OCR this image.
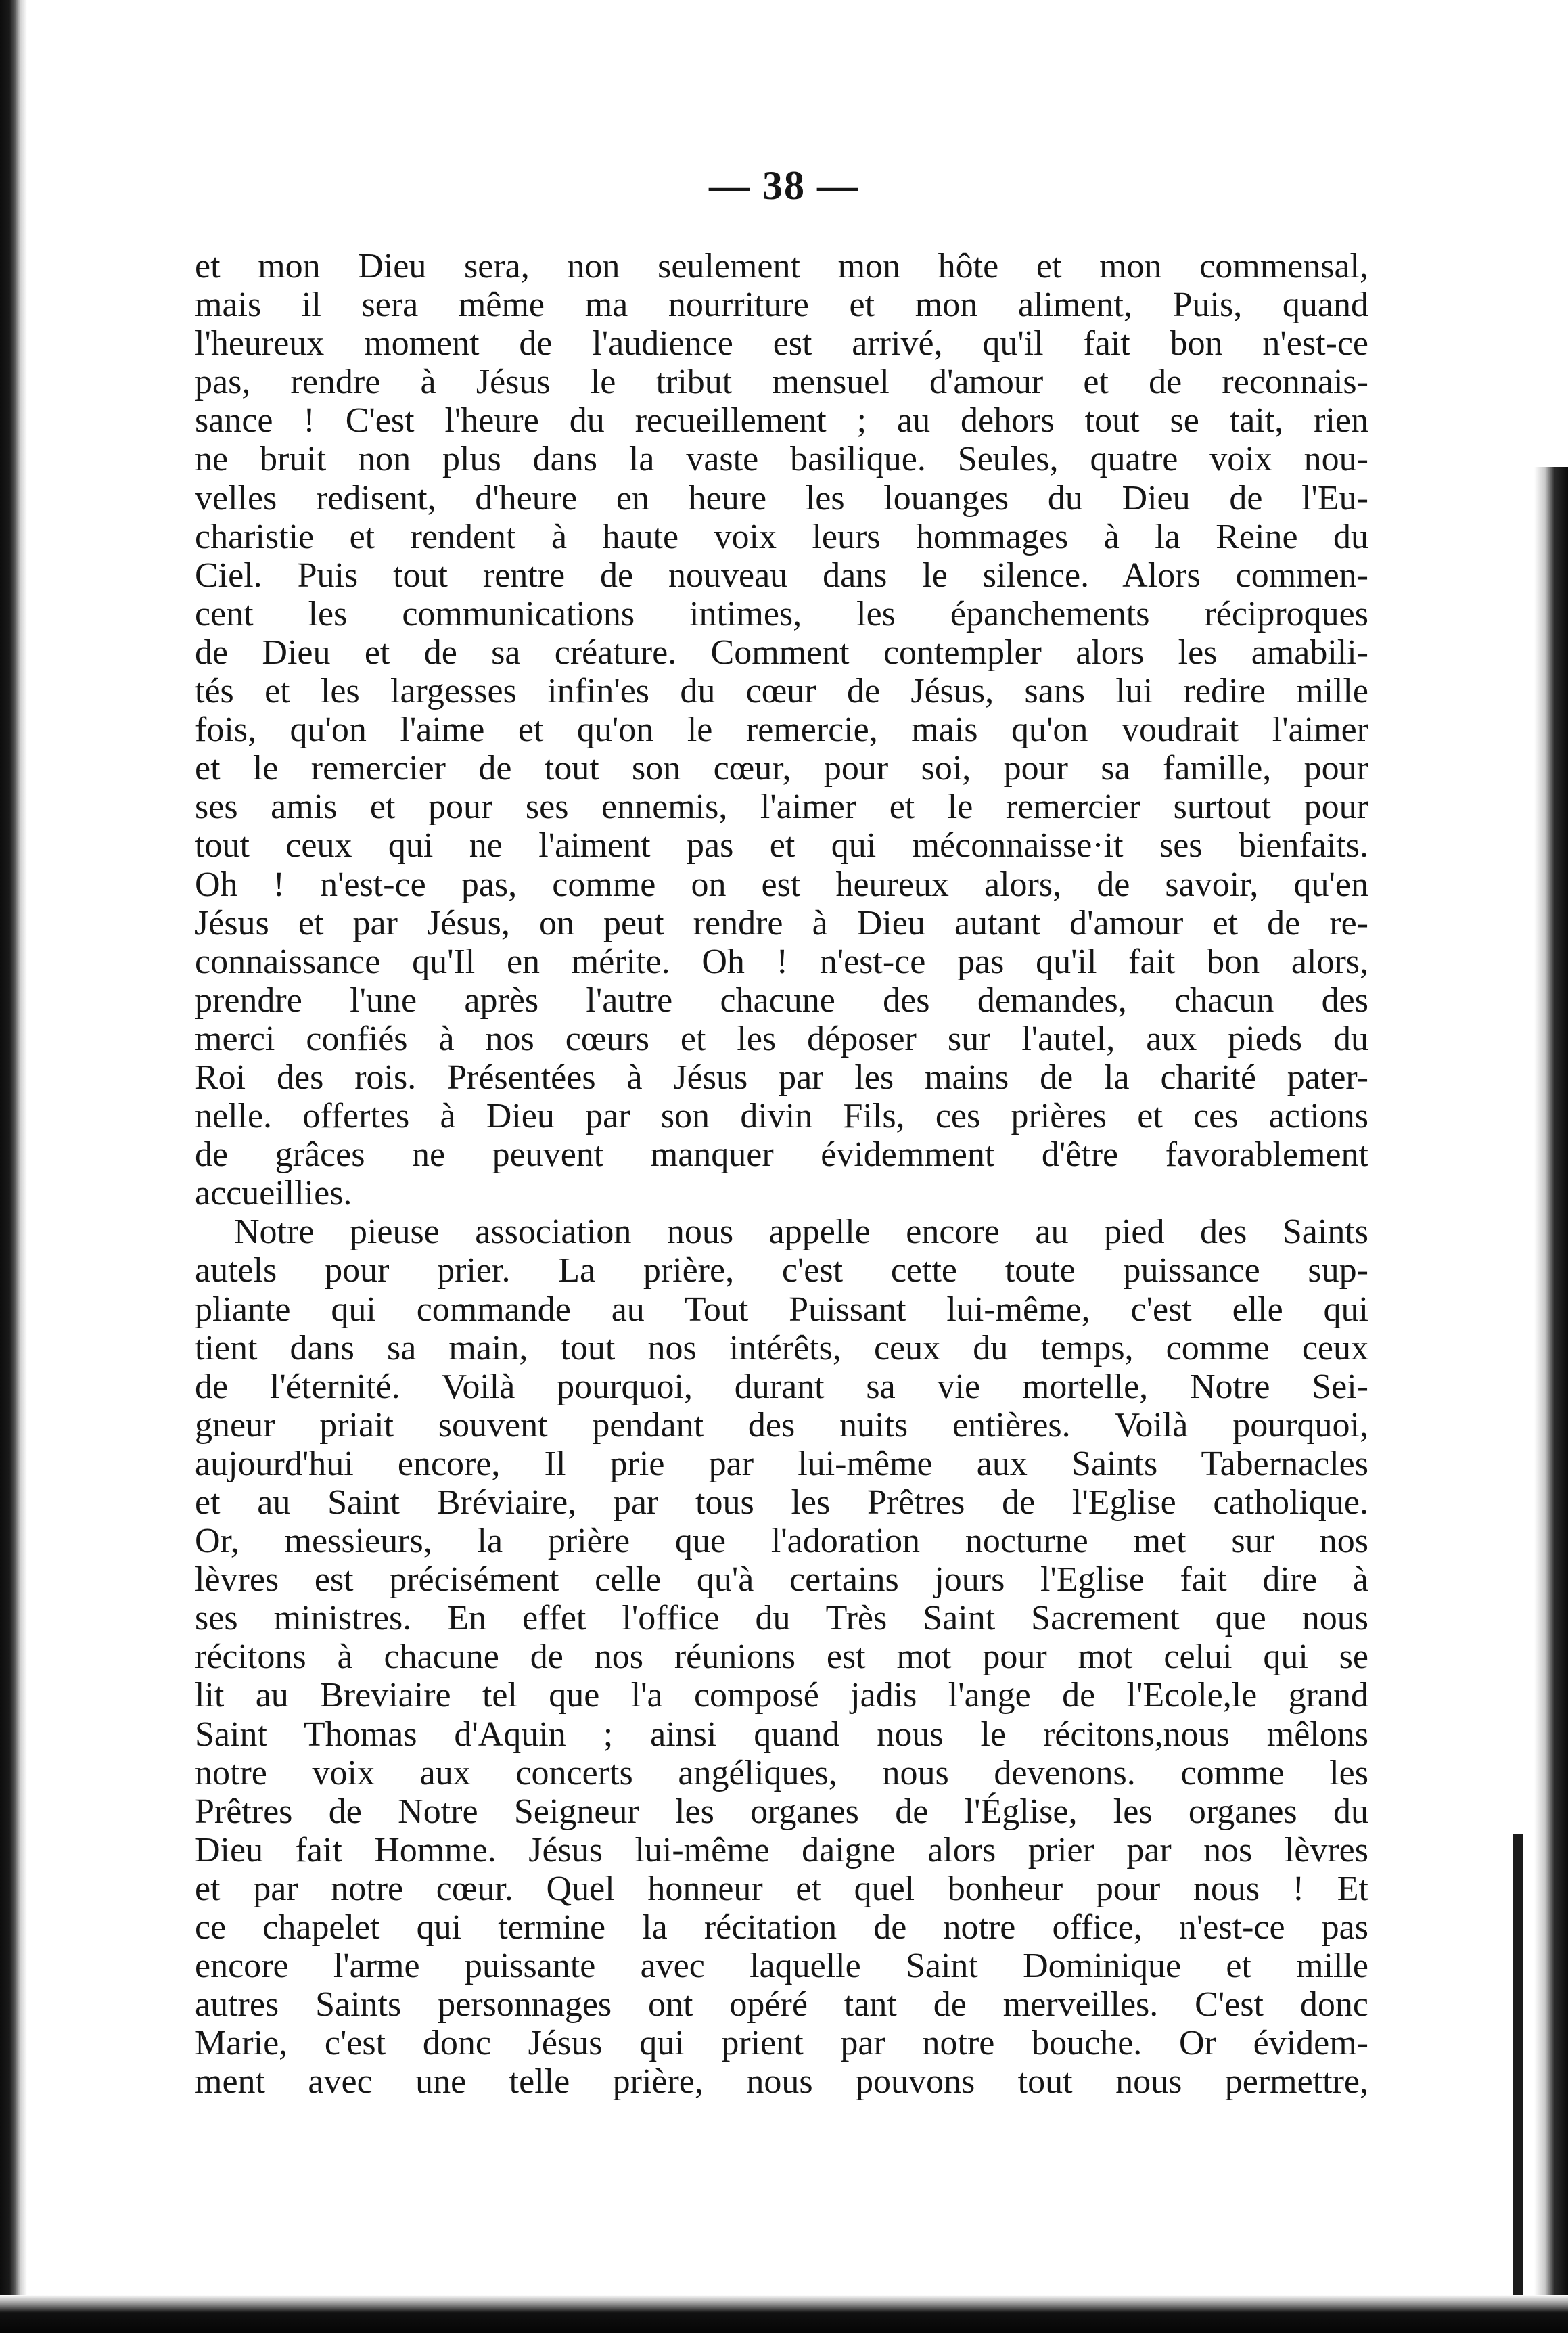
— 38 —
et mon Dieu sera, non seulement mon hôte et mon commensal,
mais il sera même ma nourriture et mon aliment, Puis, quand
l'heureux moment de l'audience est arrivé, qu'il fait bon n'est-ce
pas, rendre à Jésus le tribut mensuel d'amour et de reconnais-
sance ! C'est l'heure du recueillement ; au dehors tout se tait, rien
ne bruit non plus dans la vaste basilique. Seules, quatre voix nou-
velles redisent, d'heure en heure les louanges du Dieu de l'Eu-
charistie et rendent à haute voix leurs hommages à la Reine du
Ciel. Puis tout rentre de nouveau dans le silence. Alors commen-
cent les communications intimes, les épanchements réciproques
de Dieu et de sa créature. Comment contempler alors les amabili-
tés et les largesses infin'es du cœur de Jésus, sans lui redire mille
fois, qu'on l'aime et qu'on le remercie, mais qu'on voudrait l'aimer
et le remercier de tout son cœur, pour soi, pour sa famille, pour
ses amis et pour ses ennemis, l'aimer et le remercier surtout pour
tout ceux qui ne l'aiment pas et qui méconnaisse·it ses bienfaits.
Oh ! n'est-ce pas, comme on est heureux alors, de savoir, qu'en
Jésus et par Jésus, on peut rendre à Dieu autant d'amour et de re-
connaissance qu'Il en mérite. Oh ! n'est-ce pas qu'il fait bon alors,
prendre l'une après l'autre chacune des demandes, chacun des
merci confiés à nos cœurs et les déposer sur l'autel, aux pieds du
Roi des rois. Présentées à Jésus par les mains de la charité pater-
nelle. offertes à Dieu par son divin Fils, ces prières et ces actions
de grâces ne peuvent manquer évidemment d'être favorablement
accueillies.
Notre pieuse association nous appelle encore au pied des Saints
autels pour prier. La prière, c'est cette toute puissance sup-
pliante qui commande au Tout Puissant lui-même, c'est elle qui
tient dans sa main, tout nos intérêts, ceux du temps, comme ceux
de l'éternité. Voilà pourquoi, durant sa vie mortelle, Notre Sei-
gneur priait souvent pendant des nuits entières. Voilà pourquoi,
aujourd'hui encore, Il prie par lui-même aux Saints Tabernacles
et au Saint Bréviaire, par tous les Prêtres de l'Eglise catholique.
Or, messieurs, la prière que l'adoration nocturne met sur nos
lèvres est précisément celle qu'à certains jours l'Eglise fait dire à
ses ministres. En effet l'office du Très Saint Sacrement que nous
récitons à chacune de nos réunions est mot pour mot celui qui se
lit au Breviaire tel que l'a composé jadis l'ange de l'Ecole,le grand
Saint Thomas d'Aquin ; ainsi quand nous le récitons,nous mêlons
notre voix aux concerts angéliques, nous devenons. comme les
Prêtres de Notre Seigneur les organes de l'Église, les organes du
Dieu fait Homme. Jésus lui-même daigne alors prier par nos lèvres
et par notre cœur. Quel honneur et quel bonheur pour nous ! Et
ce chapelet qui termine la récitation de notre office, n'est-ce pas
encore l'arme puissante avec laquelle Saint Dominique et mille
autres Saints personnages ont opéré tant de merveilles. C'est donc
Marie, c'est donc Jésus qui prient par notre bouche. Or évidem-
ment avec une telle prière, nous pouvons tout nous permettre,
